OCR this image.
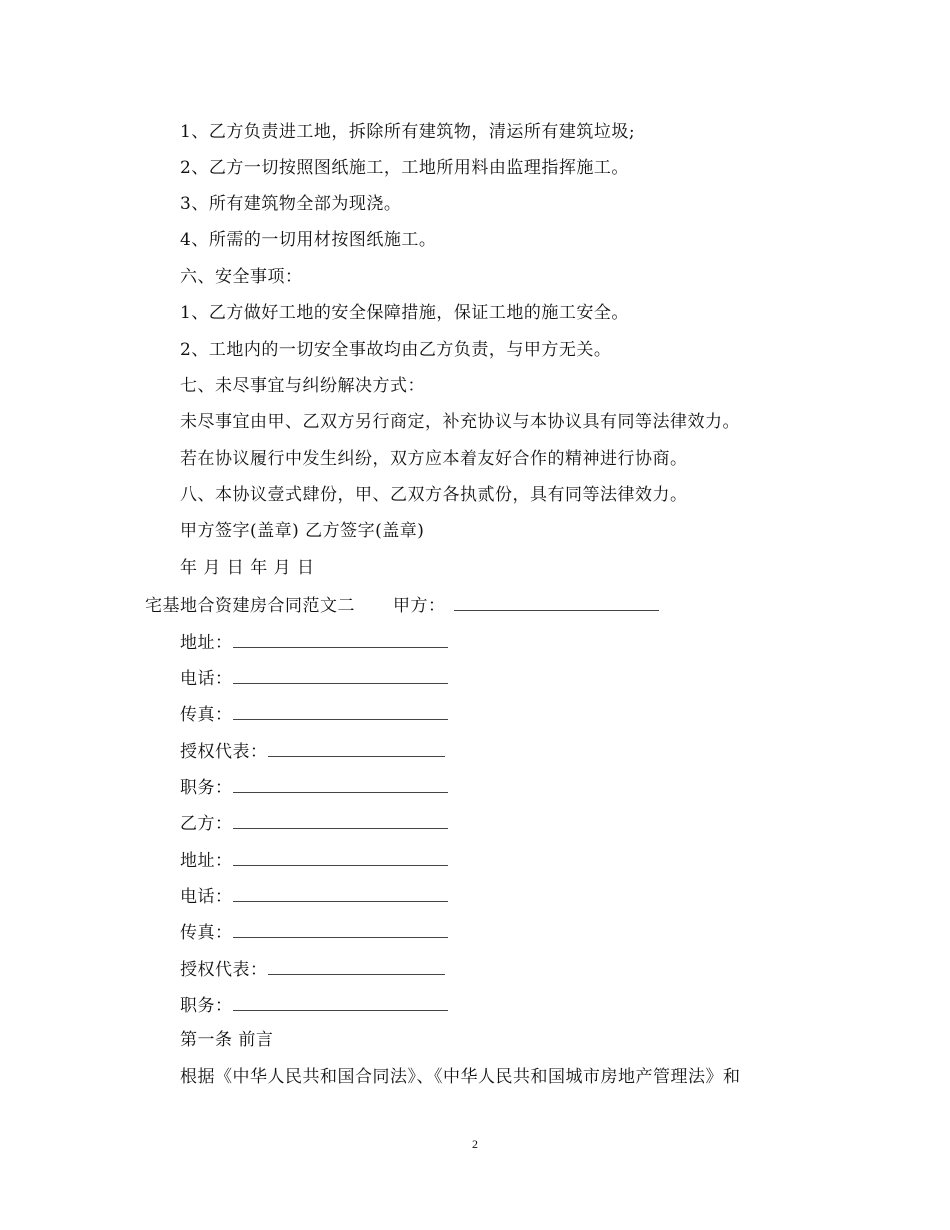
1、乙方负责进工地，拆除所有建筑物，清运所有建筑垃圾;
2、乙方一切按照图纸施工，工地所用料由监理指挥施工。
3、所有建筑物全部为现浇。
4、所需的一切用材按图纸施工。
六、安全事项：
1、乙方做好工地的安全保障措施，保证工地的施工安全。
2、工地内的一切安全事故均由乙方负责，与甲方无关。
七、未尽事宜与纠纷解决方式：
未尽事宜由甲、乙双方另行商定，补充协议与本协议具有同等法律效力。
若在协议履行中发生纠纷，双方应本着友好合作的精神进行协商。
八、本协议壹式肆份，甲、乙双方各执贰份，具有同等法律效力。
甲方签字(盖章) 乙方签字(盖章)
年 月 日 年 月 日
宅基地合资建房合同范文二 甲方：
地址：
电话：
传真：
授权代表：
职务：
乙方：
地址：
电话：
传真：
授权代表：
职务：
第一条 前言
根据《中华人民共和国合同法》、《中华人民共和国城市房地产管理法》和
2
